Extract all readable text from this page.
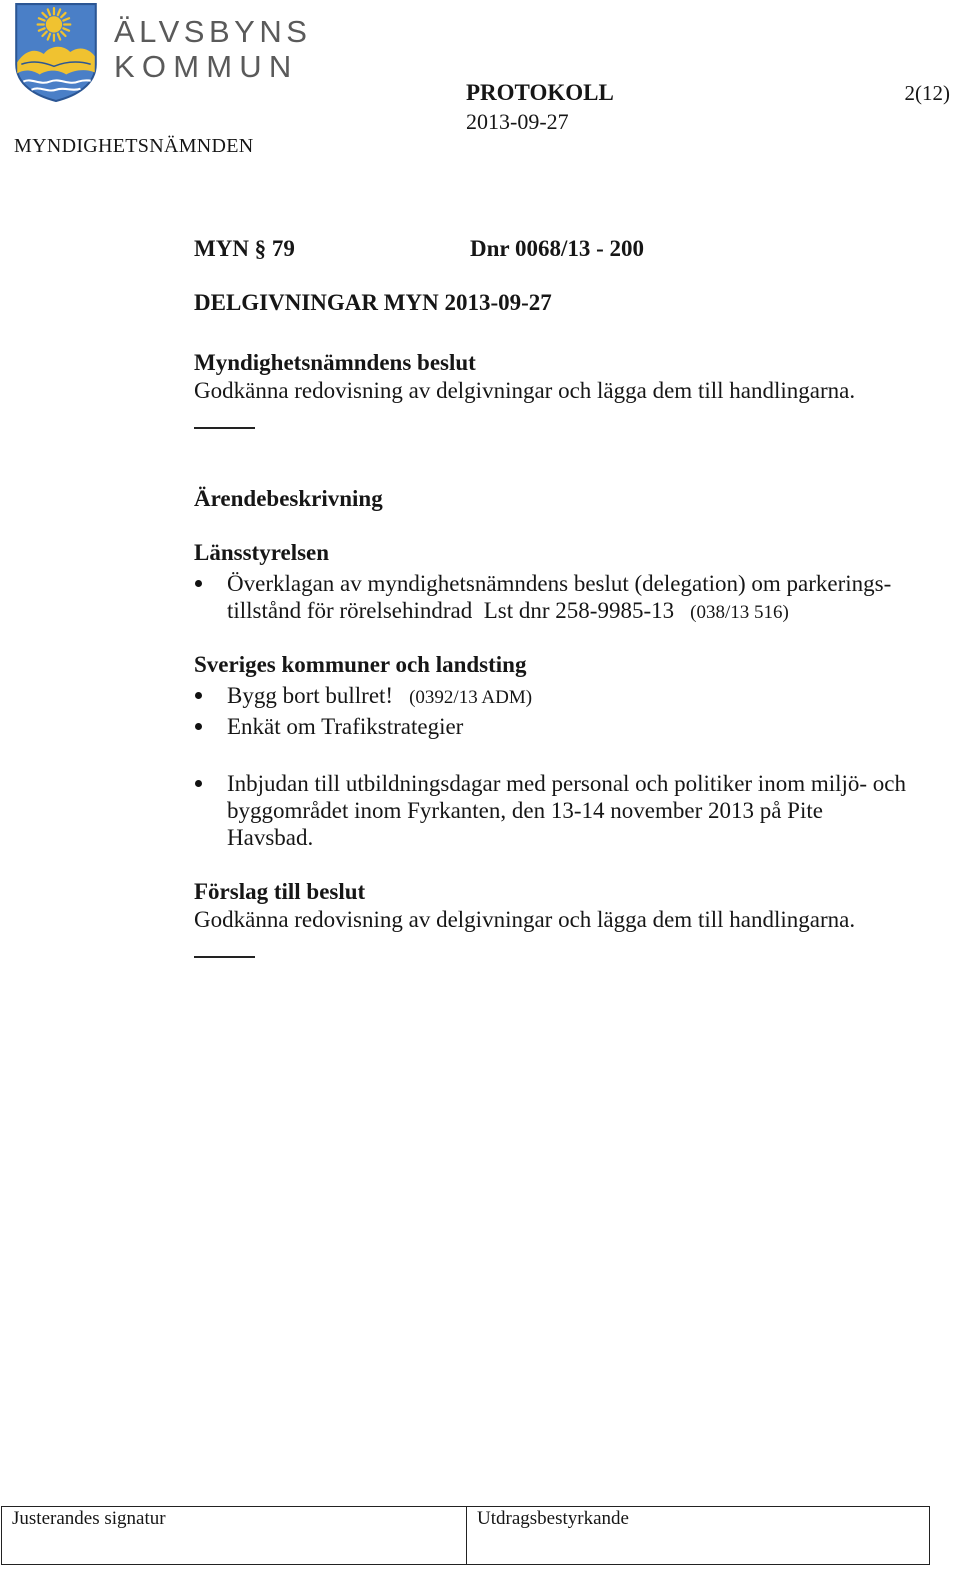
ÄLVSBYNS
KOMMUN
PROTOKOLL	2(12)
2013-09-27
MYNDIGHETSNÄMNDEN
MYN § 79	Dnr 0068/13 - 200
DELGIVNINGAR MYN 2013-09-27
Myndighetsnämndens beslut
Godkänna redovisning av delgivningar och lägga dem till handlingarna.
Ärendebeskrivning
Länsstyrelsen
Överklagan av myndighetsnämndens beslut (delegation) om parkerings-
tillstånd för rörelsehindrad  Lst dnr 258-9985-13 (038/13 516)
Sveriges kommuner och landsting
Bygg bort bullret! (0392/13 ADM)
Enkät om Trafikstrategier
Inbjudan till utbildningsdagar med personal och politiker inom miljö- och
byggområdet inom Fyrkanten, den 13-14 november 2013 på Pite
Havsbad.
Förslag till beslut
Godkänna redovisning av delgivningar och lägga dem till handlingarna.
Justerandes signatur	Utdragsbestyrkande
